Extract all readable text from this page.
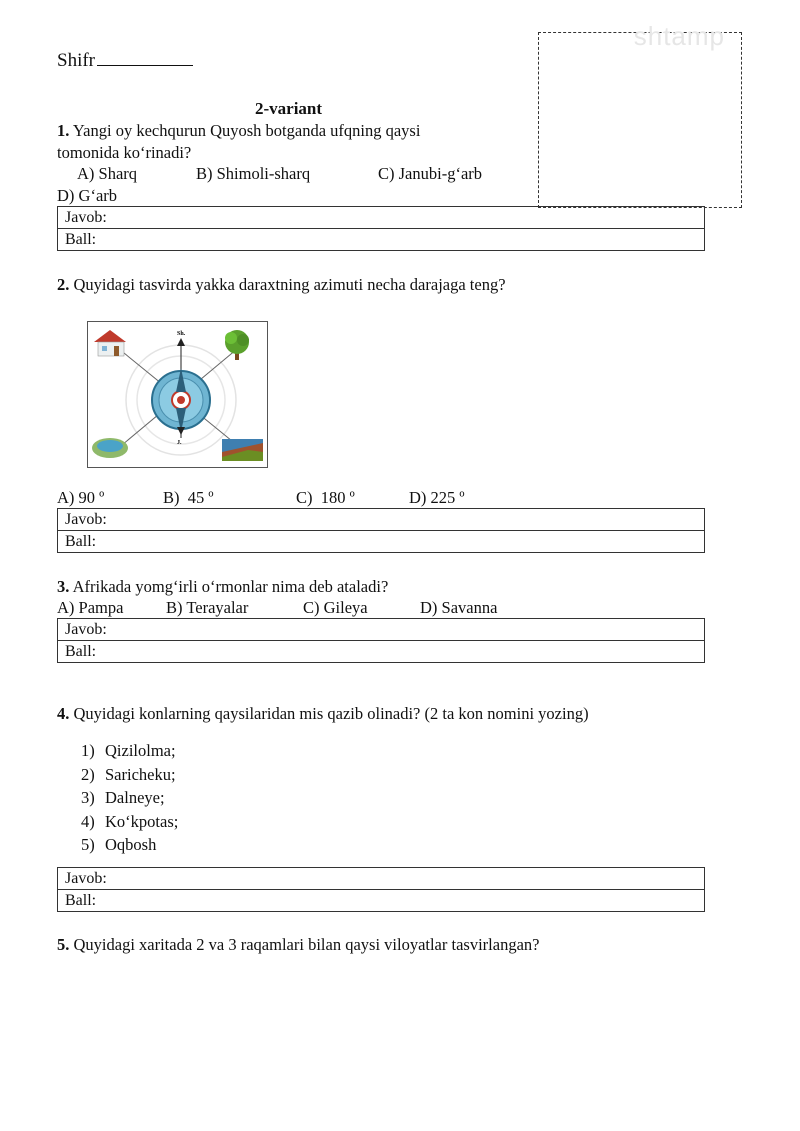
Shifr
shtamp
2-variant
1. Yangi oy kechqurun Quyosh botganda ufqning qaysi
tomonida ko‘rinadi?
A) Sharq	B) Shimoli-sharq	C) Janubi-g‘arb
D) G‘arb
Javob:
Ball:
2. Quyidagi tasvirda yakka daraxtning azimuti necha darajaga teng?
Sh.
J.
A) 90 º	B)  45 º	C)  180 º	D) 225 º
Javob:
Ball:
3. Afrikada yomg‘irli o‘rmonlar nima deb ataladi?
A) Pampa	B) Terayalar	C) Gileya	D) Savanna
Javob:
Ball:
4. Quyidagi konlarning qaysilaridan mis qazib olinadi? (2 ta kon nomini yozing)
1) Qizilolma;
2) Saricheku;
3) Dalneye;
4) Ko‘kpotas;
5) Oqbosh
Javob:
Ball:
5. Quyidagi xaritada 2 va 3 raqamlari bilan qaysi viloyatlar tasvirlangan?
